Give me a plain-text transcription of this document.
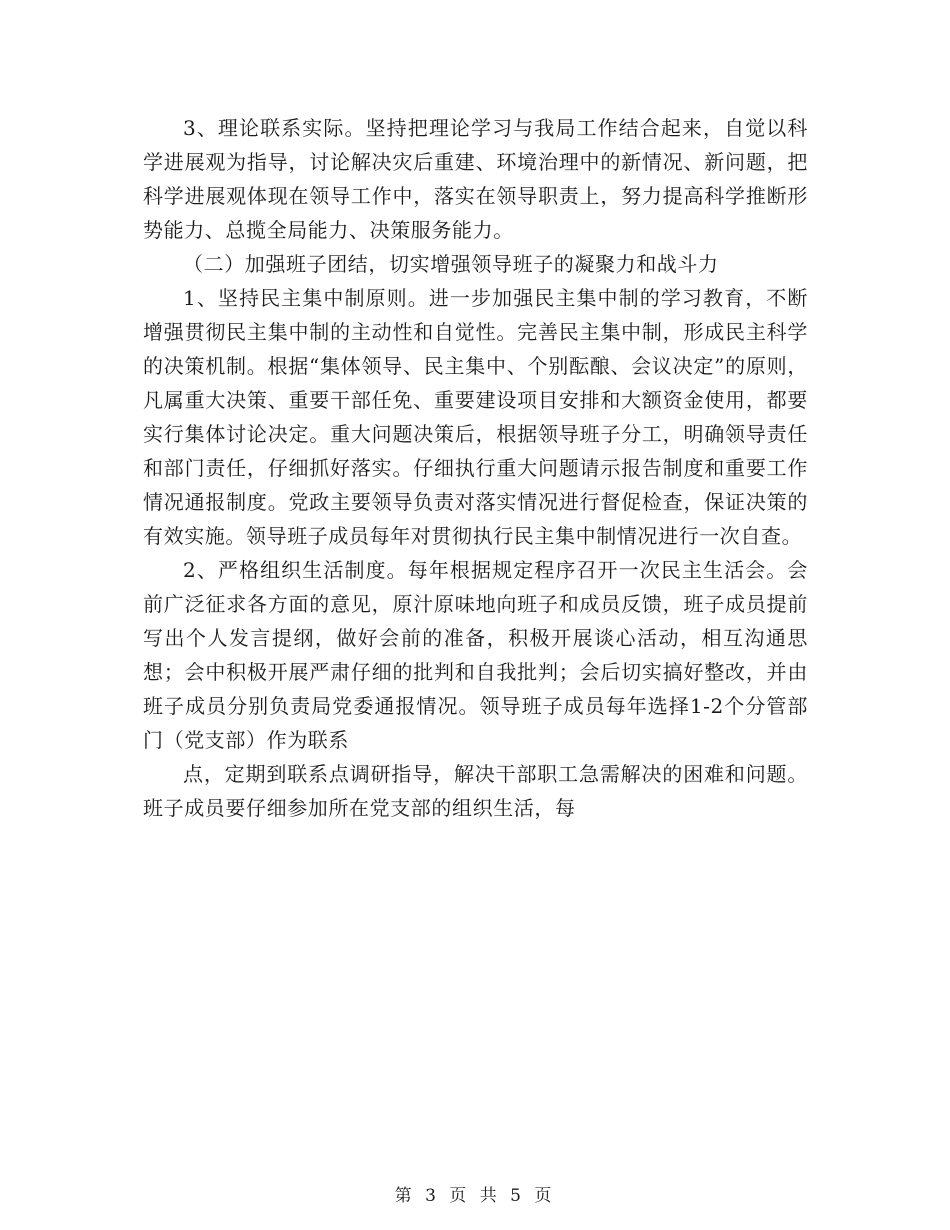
3、理论联系实际。坚持把理论学习与我局工作结合起来，自觉以科学进展观为指导，讨论解决灾后重建、环境治理中的新情况、新问题，把科学进展观体现在领导工作中，落实在领导职责上，努力提高科学推断形势能力、总揽全局能力、决策服务能力。

（二）加强班子团结，切实增强领导班子的凝聚力和战斗力

1、坚持民主集中制原则。进一步加强民主集中制的学习教育，不断增强贯彻民主集中制的主动性和自觉性。完善民主集中制，形成民主科学的决策机制。根据“集体领导、民主集中、个别酝酿、会议决定”的原则，凡属重大决策、重要干部任免、重要建设项目安排和大额资金使用，都要实行集体讨论决定。重大问题决策后，根据领导班子分工，明确领导责任和部门责任，仔细抓好落实。仔细执行重大问题请示报告制度和重要工作情况通报制度。党政主要领导负责对落实情况进行督促检查，保证决策的有效实施。领导班子成员每年对贯彻执行民主集中制情况进行一次自查。

2、严格组织生活制度。每年根据规定程序召开一次民主生活会。会前广泛征求各方面的意见，原汁原味地向班子和成员反馈，班子成员提前写出个人发言提纲，做好会前的准备，积极开展谈心活动，相互沟通思想；会中积极开展严肃仔细的批判和自我批判；会后切实搞好整改，并由班子成员分别负责局党委通报情况。领导班子成员每年选择1-2个分管部门（党支部）作为联系

点，定期到联系点调研指导，解决干部职工急需解决的困难和问题。班子成员要仔细参加所在党支部的组织生活，每

第 3 页 共 5 页
